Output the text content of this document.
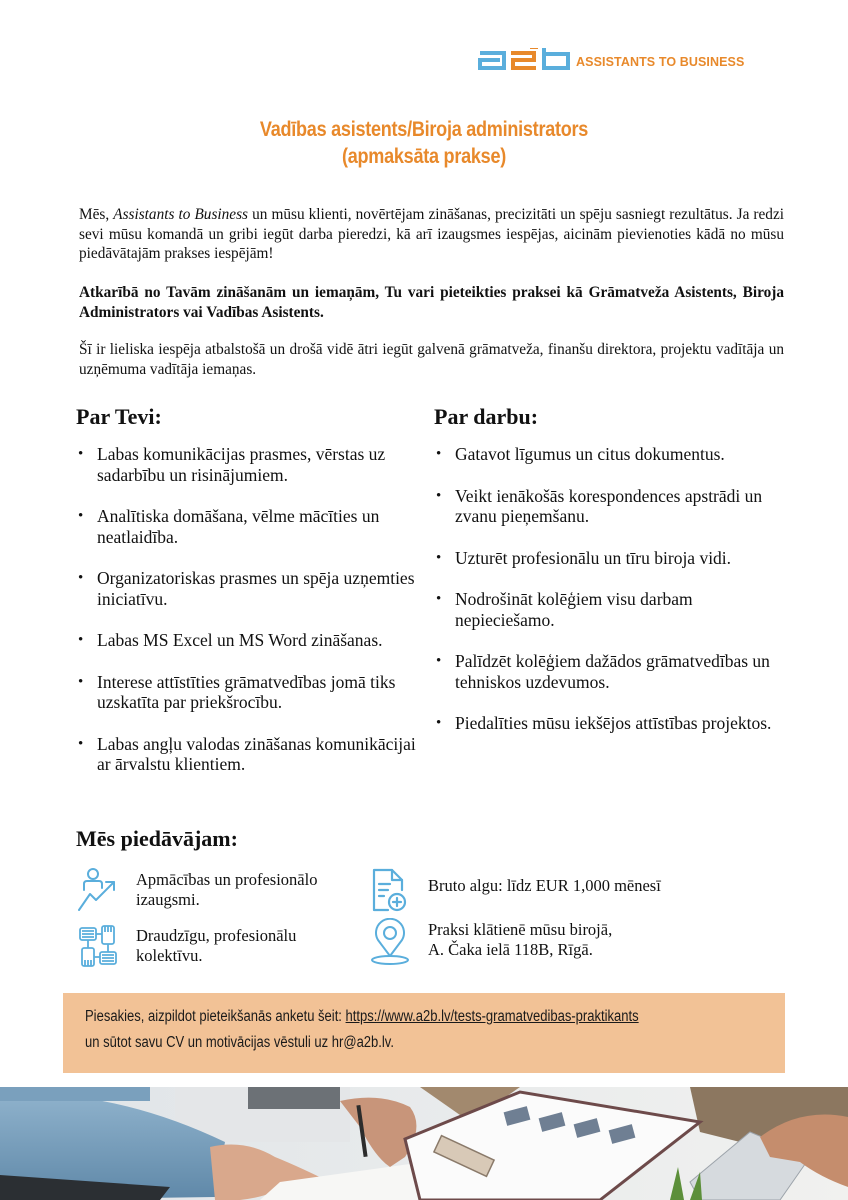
ASSISTANTS TO BUSINESS
Vadības asistents/Biroja administrators
(apmaksāta prakse)

Mēs, Assistants to Business un mūsu klienti, novērtējam zināšanas, precizitāti un spēju sasniegt rezultātus. Ja redzi sevi mūsu komandā un gribi iegūt darba pieredzi, kā arī izaugsmes iespējas, aicinām pievienoties kādā no mūsu piedāvātajām prakses iespējām!

Atkarībā no Tavām zināšanām un iemaņām, Tu vari pieteikties praksei kā Grāmatveža Asistents, Biroja Administrators vai Vadības Asistents.

Šī ir lieliska iespēja atbalstošā un drošā vidē ātri iegūt galvenā grāmatveža, finanšu direktora, projektu vadītāja un uzņēmuma vadītāja iemaņas.

Par Tevi:
• Labas komunikācijas prasmes, vērstas uz sadarbību un risinājumiem.
• Analītiska domāšana, vēlme mācīties un neatlaidība.
• Organizatoriskas prasmes un spēja uzņemties iniciatīvu.
• Labas MS Excel un MS Word zināšanas.
• Interese attīstīties grāmatvedības jomā tiks uzskatīta par priekšrocību.
• Labas angļu valodas zināšanas komunikācijai ar ārvalstu klientiem.
Par darbu:
• Gatavot līgumus un citus dokumentus.
• Veikt ienākošās korespondences apstrādi un zvanu pieņemšanu.
• Uzturēt profesionālu un tīru biroja vidi.
• Nodrošināt kolēģiem visu darbam nepieciešamo.
• Palīdzēt kolēģiem dažādos grāmatvedības un tehniskos uzdevumos.
• Piedalīties mūsu iekšējos attīstības projektos.
Mēs piedāvājam:
Apmācības un profesionālo izaugsmi.
Draudzīgu, profesionālu kolektīvu.
Bruto algu: līdz EUR 1,000 mēnesī
Praksi klātienē mūsu birojā,
A. Čaka ielā 118B, Rīgā.
Piesakies, aizpildot pieteikšanās anketu šeit: https://www.a2b.lv/tests-gramatvedibas-praktikants
un sūtot savu CV un motivācijas vēstuli uz hr@a2b.lv.
